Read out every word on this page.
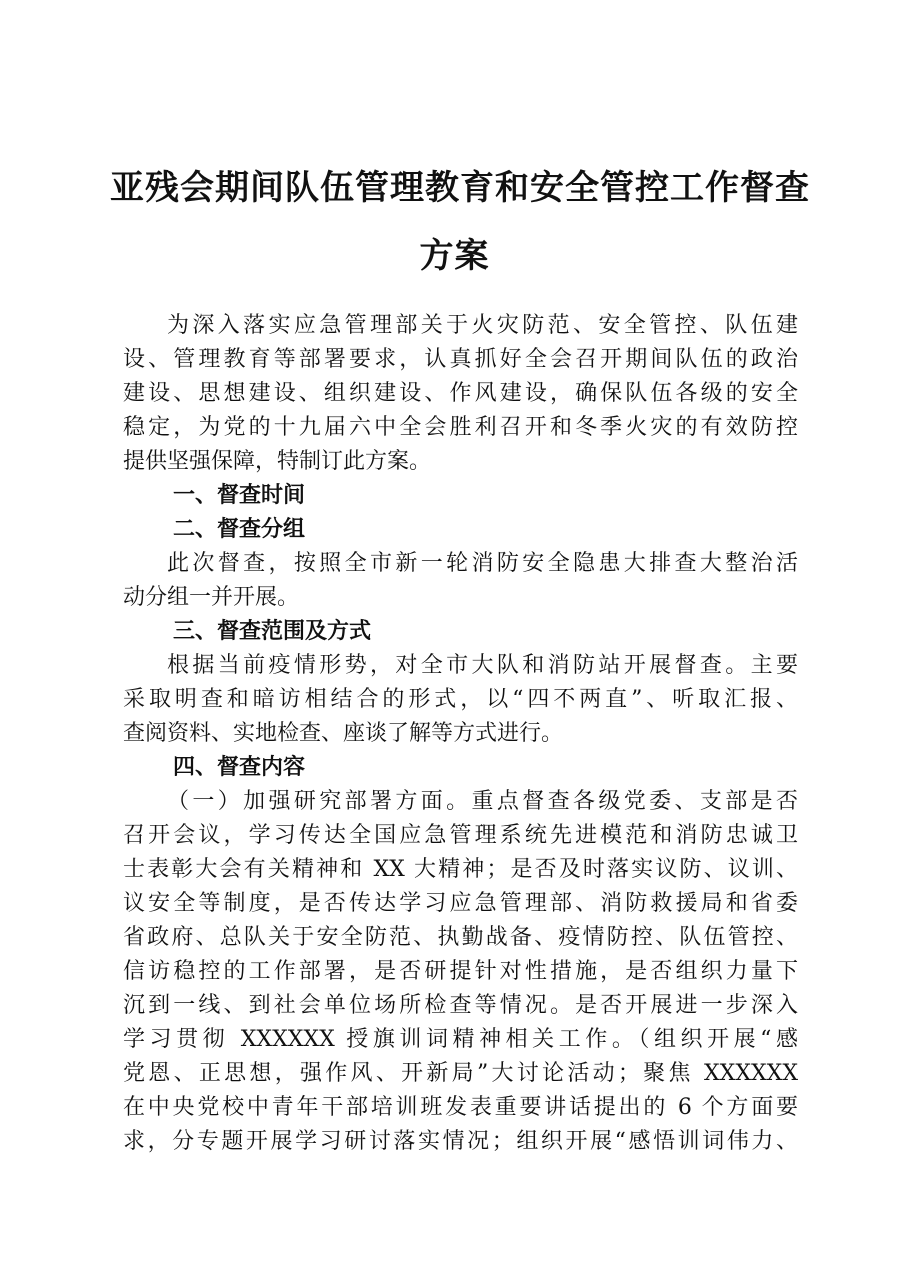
亚残会期间队伍管理教育和安全管控工作督查
方案
为深入落实应急管理部关于火灾防范、安全管控、队伍建
设、管理教育等部署要求，认真抓好全会召开期间队伍的政治
建设、思想建设、组织建设、作风建设，确保队伍各级的安全
稳定，为党的十九届六中全会胜利召开和冬季火灾的有效防控
提供坚强保障，特制订此方案。
一、督查时间
二、督查分组
此次督查，按照全市新一轮消防安全隐患大排查大整治活
动分组一并开展。
三、督查范围及方式
根据当前疫情形势，对全市大队和消防站开展督查。主要
采取明查和暗访相结合的形式，以“四不两直”、听取汇报、
查阅资料、实地检查、座谈了解等方式进行。
四、督查内容
（一）加强研究部署方面。重点督查各级党委、支部是否
召开会议，学习传达全国应急管理系统先进模范和消防忠诚卫
士表彰大会有关精神和 XX 大精神；是否及时落实议防、议训、
议安全等制度，是否传达学习应急管理部、消防救援局和省委
省政府、总队关于安全防范、执勤战备、疫情防控、队伍管控、
信访稳控的工作部署，是否研提针对性措施，是否组织力量下
沉到一线、到社会单位场所检查等情况。是否开展进一步深入
学习贯彻 XXXXXX 授旗训词精神相关工作。（组织开展“感
党恩、正思想，强作风、开新局”大讨论活动；聚焦 XXXXXX
在中央党校中青年干部培训班发表重要讲话提出的 6 个方面要
求，分专题开展学习研讨落实情况；组织开展“感悟训词伟力、
